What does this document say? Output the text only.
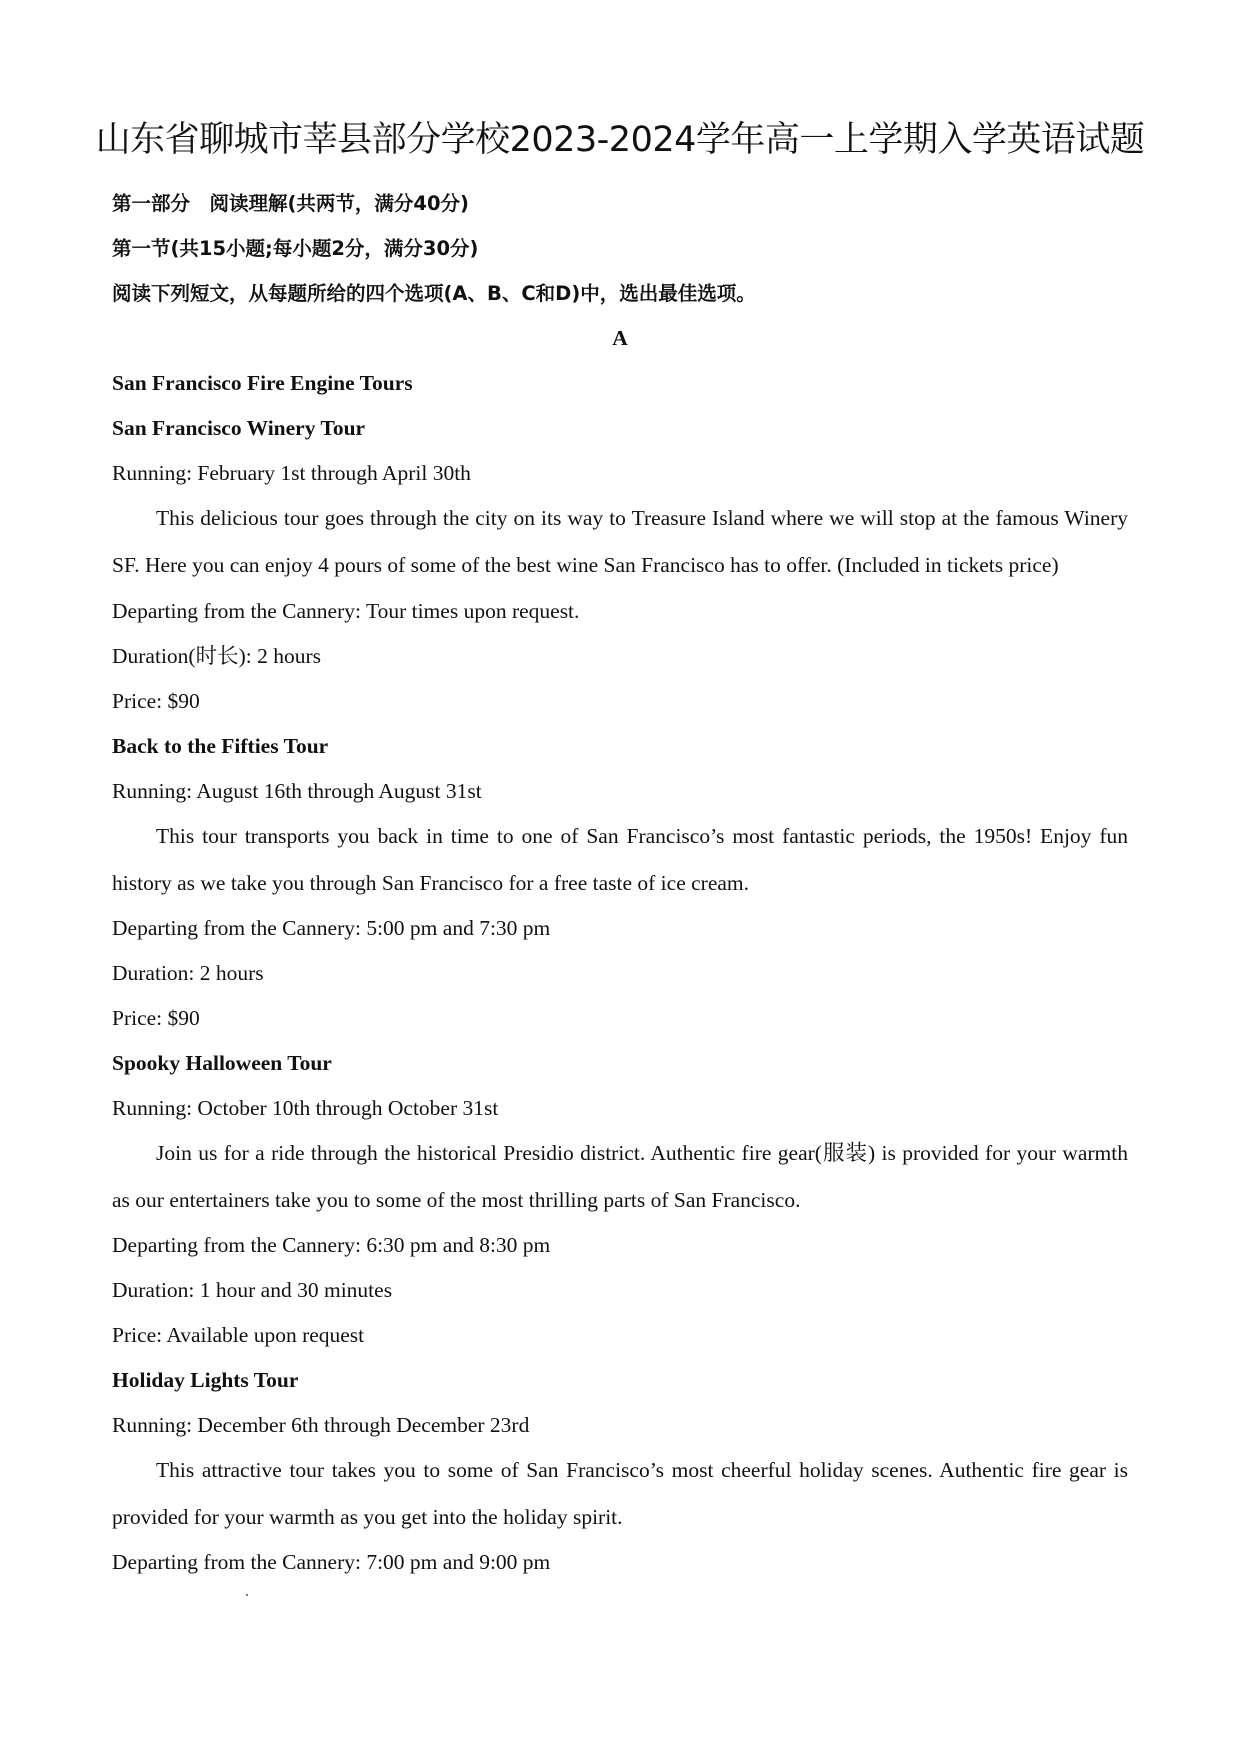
山东省聊城市莘县部分学校2023-2024学年高一上学期入学英语试题
第一部分　阅读理解(共两节，满分40分)
第一节(共15小题;每小题2分，满分30分)
阅读下列短文，从每题所给的四个选项(A、B、C和D)中，选出最佳选项。
A
San Francisco Fire Engine Tours
San Francisco Winery Tour
Running: February 1st through April 30th

This delicious tour goes through the city on its way to Treasure Island where we will stop at the famous Winery SF. Here you can enjoy 4 pours of some of the best wine San Francisco has to offer. (Included in tickets price)

Departing from the Cannery: Tour times upon request.
Duration(时长): 2 hours
Price: $90
Back to the Fifties Tour
Running: August 16th through August 31st

This tour transports you back in time to one of San Francisco’s most fantastic periods, the 1950s! Enjoy fun history as we take you through San Francisco for a free taste of ice cream.

Departing from the Cannery: 5:00 pm and 7:30 pm
Duration: 2 hours
Price: $90
Spooky Halloween Tour
Running: October 10th through October 31st

Join us for a ride through the historical Presidio district. Authentic fire gear(服装) is provided for your warmth as our entertainers take you to some of the most thrilling parts of San Francisco.

Departing from the Cannery: 6:30 pm and 8:30 pm
Duration: 1 hour and 30 minutes
Price: Available upon request
Holiday Lights Tour
Running: December 6th through December 23rd

This attractive tour takes you to some of San Francisco’s most cheerful holiday scenes. Authentic fire gear is provided for your warmth as you get into the holiday spirit.

Departing from the Cannery: 7:00 pm and 9:00 pm
